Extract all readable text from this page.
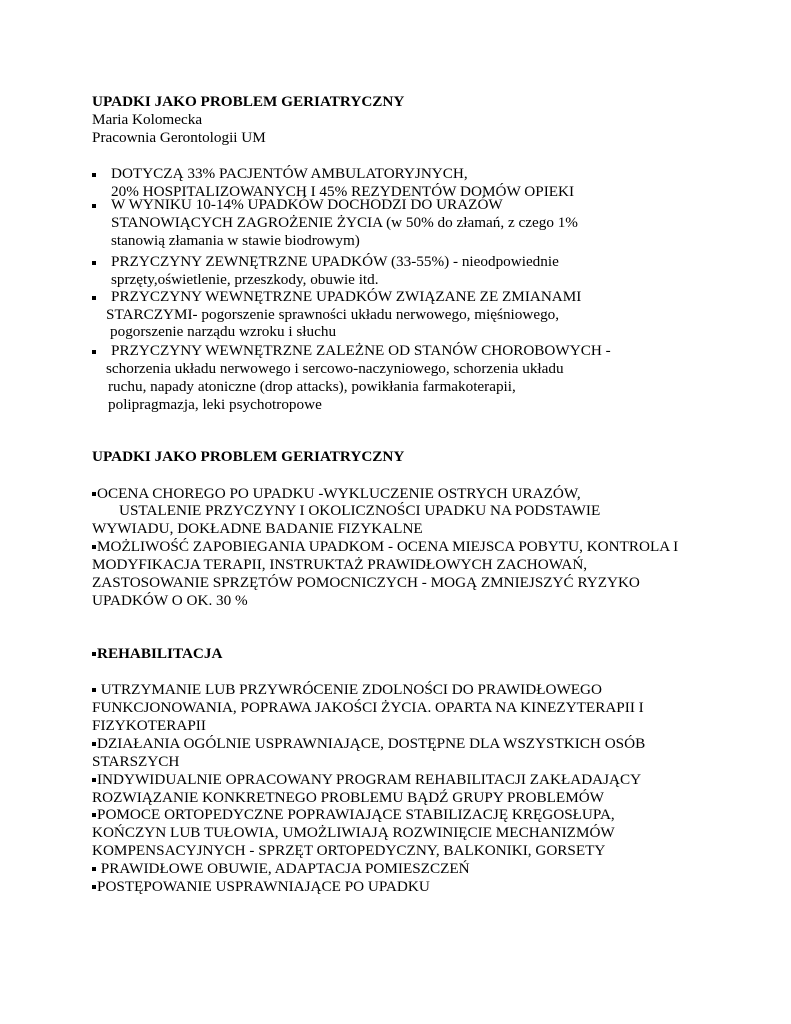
UPADKI JAKO PROBLEM GERIATRYCZNY
Maria Kolomecka
Pracownia Gerontologii UM
DOTYCZĄ 33% PACJENTÓW AMBULATORYJNYCH,
20% HOSPITALIZOWANYCH I 45% REZYDENTÓW DOMÓW OPIEKI
W WYNIKU 10-14% UPADKÓW DOCHODZI DO URAZÓW
STANOWIĄCYCH ZAGROŻENIE ŻYCIA (w 50% do złamań, z czego 1%
stanowią złamania w stawie biodrowym)
PRZYCZYNY ZEWNĘTRZNE UPADKÓW (33-55%) - nieodpowiednie
sprzęty,oświetlenie, przeszkody, obuwie itd.
PRZYCZYNY WEWNĘTRZNE UPADKÓW ZWIĄZANE ZE ZMIANAMI
STARCZYMI- pogorszenie sprawności układu nerwowego, mięśniowego,
pogorszenie narządu wzroku i słuchu
PRZYCZYNY WEWNĘTRZNE ZALEŻNE OD STANÓW CHOROBOWYCH -
schorzenia układu nerwowego i sercowo-naczyniowego, schorzenia układu
ruchu, napady atoniczne (drop attacks), powikłania farmakoterapii,
polipragmazja, leki psychotropowe
UPADKI JAKO PROBLEM GERIATRYCZNY
OCENA CHOREGO PO UPADKU -WYKLUCZENIE OSTRYCH URAZÓW,
USTALENIE PRZYCZYNY I OKOLICZNOŚCI UPADKU NA PODSTAWIE
WYWIADU, DOKŁADNE BADANIE FIZYKALNE
MOŻLIWOŚĆ ZAPOBIEGANIA UPADKOM - OCENA MIEJSCA POBYTU, KONTROLA I
MODYFIKACJA TERAPII, INSTRUKTAŻ PRAWIDŁOWYCH ZACHOWAŃ,
ZASTOSOWANIE SPRZĘTÓW POMOCNICZYCH - MOGĄ ZMNIEJSZYĆ RYZYKO
UPADKÓW O OK. 30 %
REHABILITACJA
UTRZYMANIE LUB PRZYWRÓCENIE ZDOLNOŚCI DO PRAWIDŁOWEGO
FUNKCJONOWANIA, POPRAWA JAKOŚCI ŻYCIA. OPARTA NA KINEZYTERAPII I
FIZYKOTERAPII
DZIAŁANIA OGÓLNIE USPRAWNIAJĄCE, DOSTĘPNE DLA WSZYSTKICH OSÓB
STARSZYCH
INDYWIDUALNIE OPRACOWANY PROGRAM REHABILITACJI ZAKŁADAJĄCY
ROZWIĄZANIE KONKRETNEGO PROBLEMU BĄDŹ GRUPY PROBLEMÓW
POMOCE ORTOPEDYCZNE POPRAWIAJĄCE STABILIZACJĘ KRĘGOSŁUPA,
KOŃCZYN LUB TUŁOWIA, UMOŻLIWIAJĄ ROZWINIĘCIE MECHANIZMÓW
KOMPENSACYJNYCH - SPRZĘT ORTOPEDYCZNY, BALKONIKI, GORSETY
PRAWIDŁOWE OBUWIE, ADAPTACJA POMIESZCZEŃ
POSTĘPOWANIE USPRAWNIAJĄCE PO UPADKU
